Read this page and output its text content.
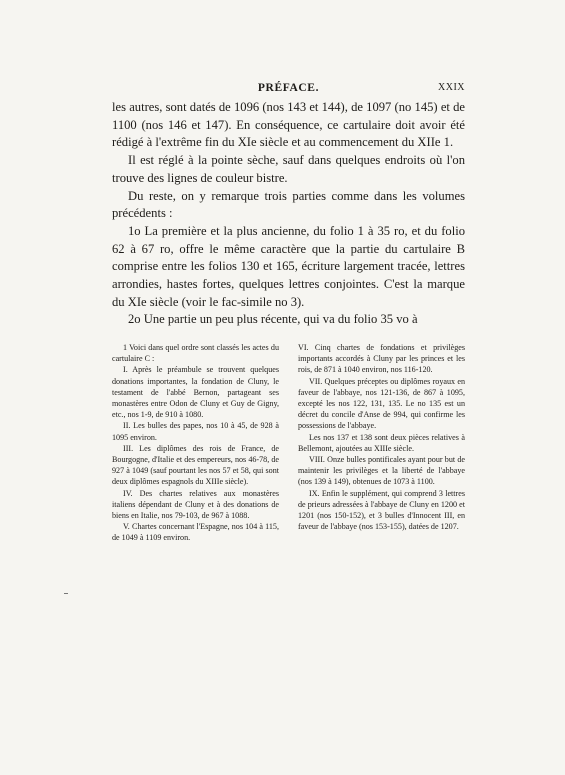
PRÉFACE.	XXIX

les autres, sont datés de 1096 (nos 143 et 144), de 1097 (no 145) et de 1100 (nos 146 et 147). En conséquence, ce cartulaire doit avoir été rédigé à l'extrême fin du XIe siècle et au commencement du XIIe 1.

Il est réglé à la pointe sèche, sauf dans quelques endroits où l'on trouve des lignes de couleur bistre.

Du reste, on y remarque trois parties comme dans les volumes précédents :

1o La première et la plus ancienne, du folio 1 à 35 ro, et du folio 62 à 67 ro, offre le même caractère que la partie du cartulaire B comprise entre les folios 130 et 165, écriture largement tracée, lettres arrondies, hastes fortes, quelques lettres conjointes. C'est la marque du XIe siècle (voir le fac-simile no 3).

2o Une partie un peu plus récente, qui va du folio 35 vo à

1 Voici dans quel ordre sont classés les actes du cartulaire C :

I. Après le préambule se trouvent quelques donations importantes, la fondation de Cluny, le testament de l'abbé Bernon, partageant ses monastères entre Odon de Cluny et Guy de Gigny, etc., nos 1-9, de 910 à 1080.

II. Les bulles des papes, nos 10 à 45, de 928 à 1095 environ.

III. Les diplômes des rois de France, de Bourgogne, d'Italie et des empereurs, nos 46-78, de 927 à 1049 (sauf pourtant les nos 57 et 58, qui sont deux diplômes espagnols du XIIIe siècle).

IV. Des chartes relatives aux monastères italiens dépendant de Cluny et à des donations de biens en Italie, nos 79-103, de 967 à 1088.

V. Chartes concernant l'Espagne, nos 104 à 115, de 1049 à 1109 environ.

VI. Cinq chartes de fondations et privilèges importants accordés à Cluny par les princes et les rois, de 871 à 1040 environ, nos 116-120.

VII. Quelques préceptes ou diplômes royaux en faveur de l'abbaye, nos 121-136, de 867 à 1095, excepté les nos 122, 131, 135. Le no 135 est un décret du concile d'Anse de 994, qui confirme les possessions de l'abbaye.

Les nos 137 et 138 sont deux pièces relatives à Bellemont, ajoutées au XIIIe siècle.

VIII. Onze bulles pontificales ayant pour but de maintenir les privilèges et la liberté de l'abbaye (nos 139 à 149), obtenues de 1073 à 1100.

IX. Enfin le supplément, qui comprend 3 lettres de prieurs adressées à l'abbaye de Cluny en 1200 et 1201 (nos 150-152), et 3 bulles d'Innocent III, en faveur de l'abbaye (nos 153-155), datées de 1207.
